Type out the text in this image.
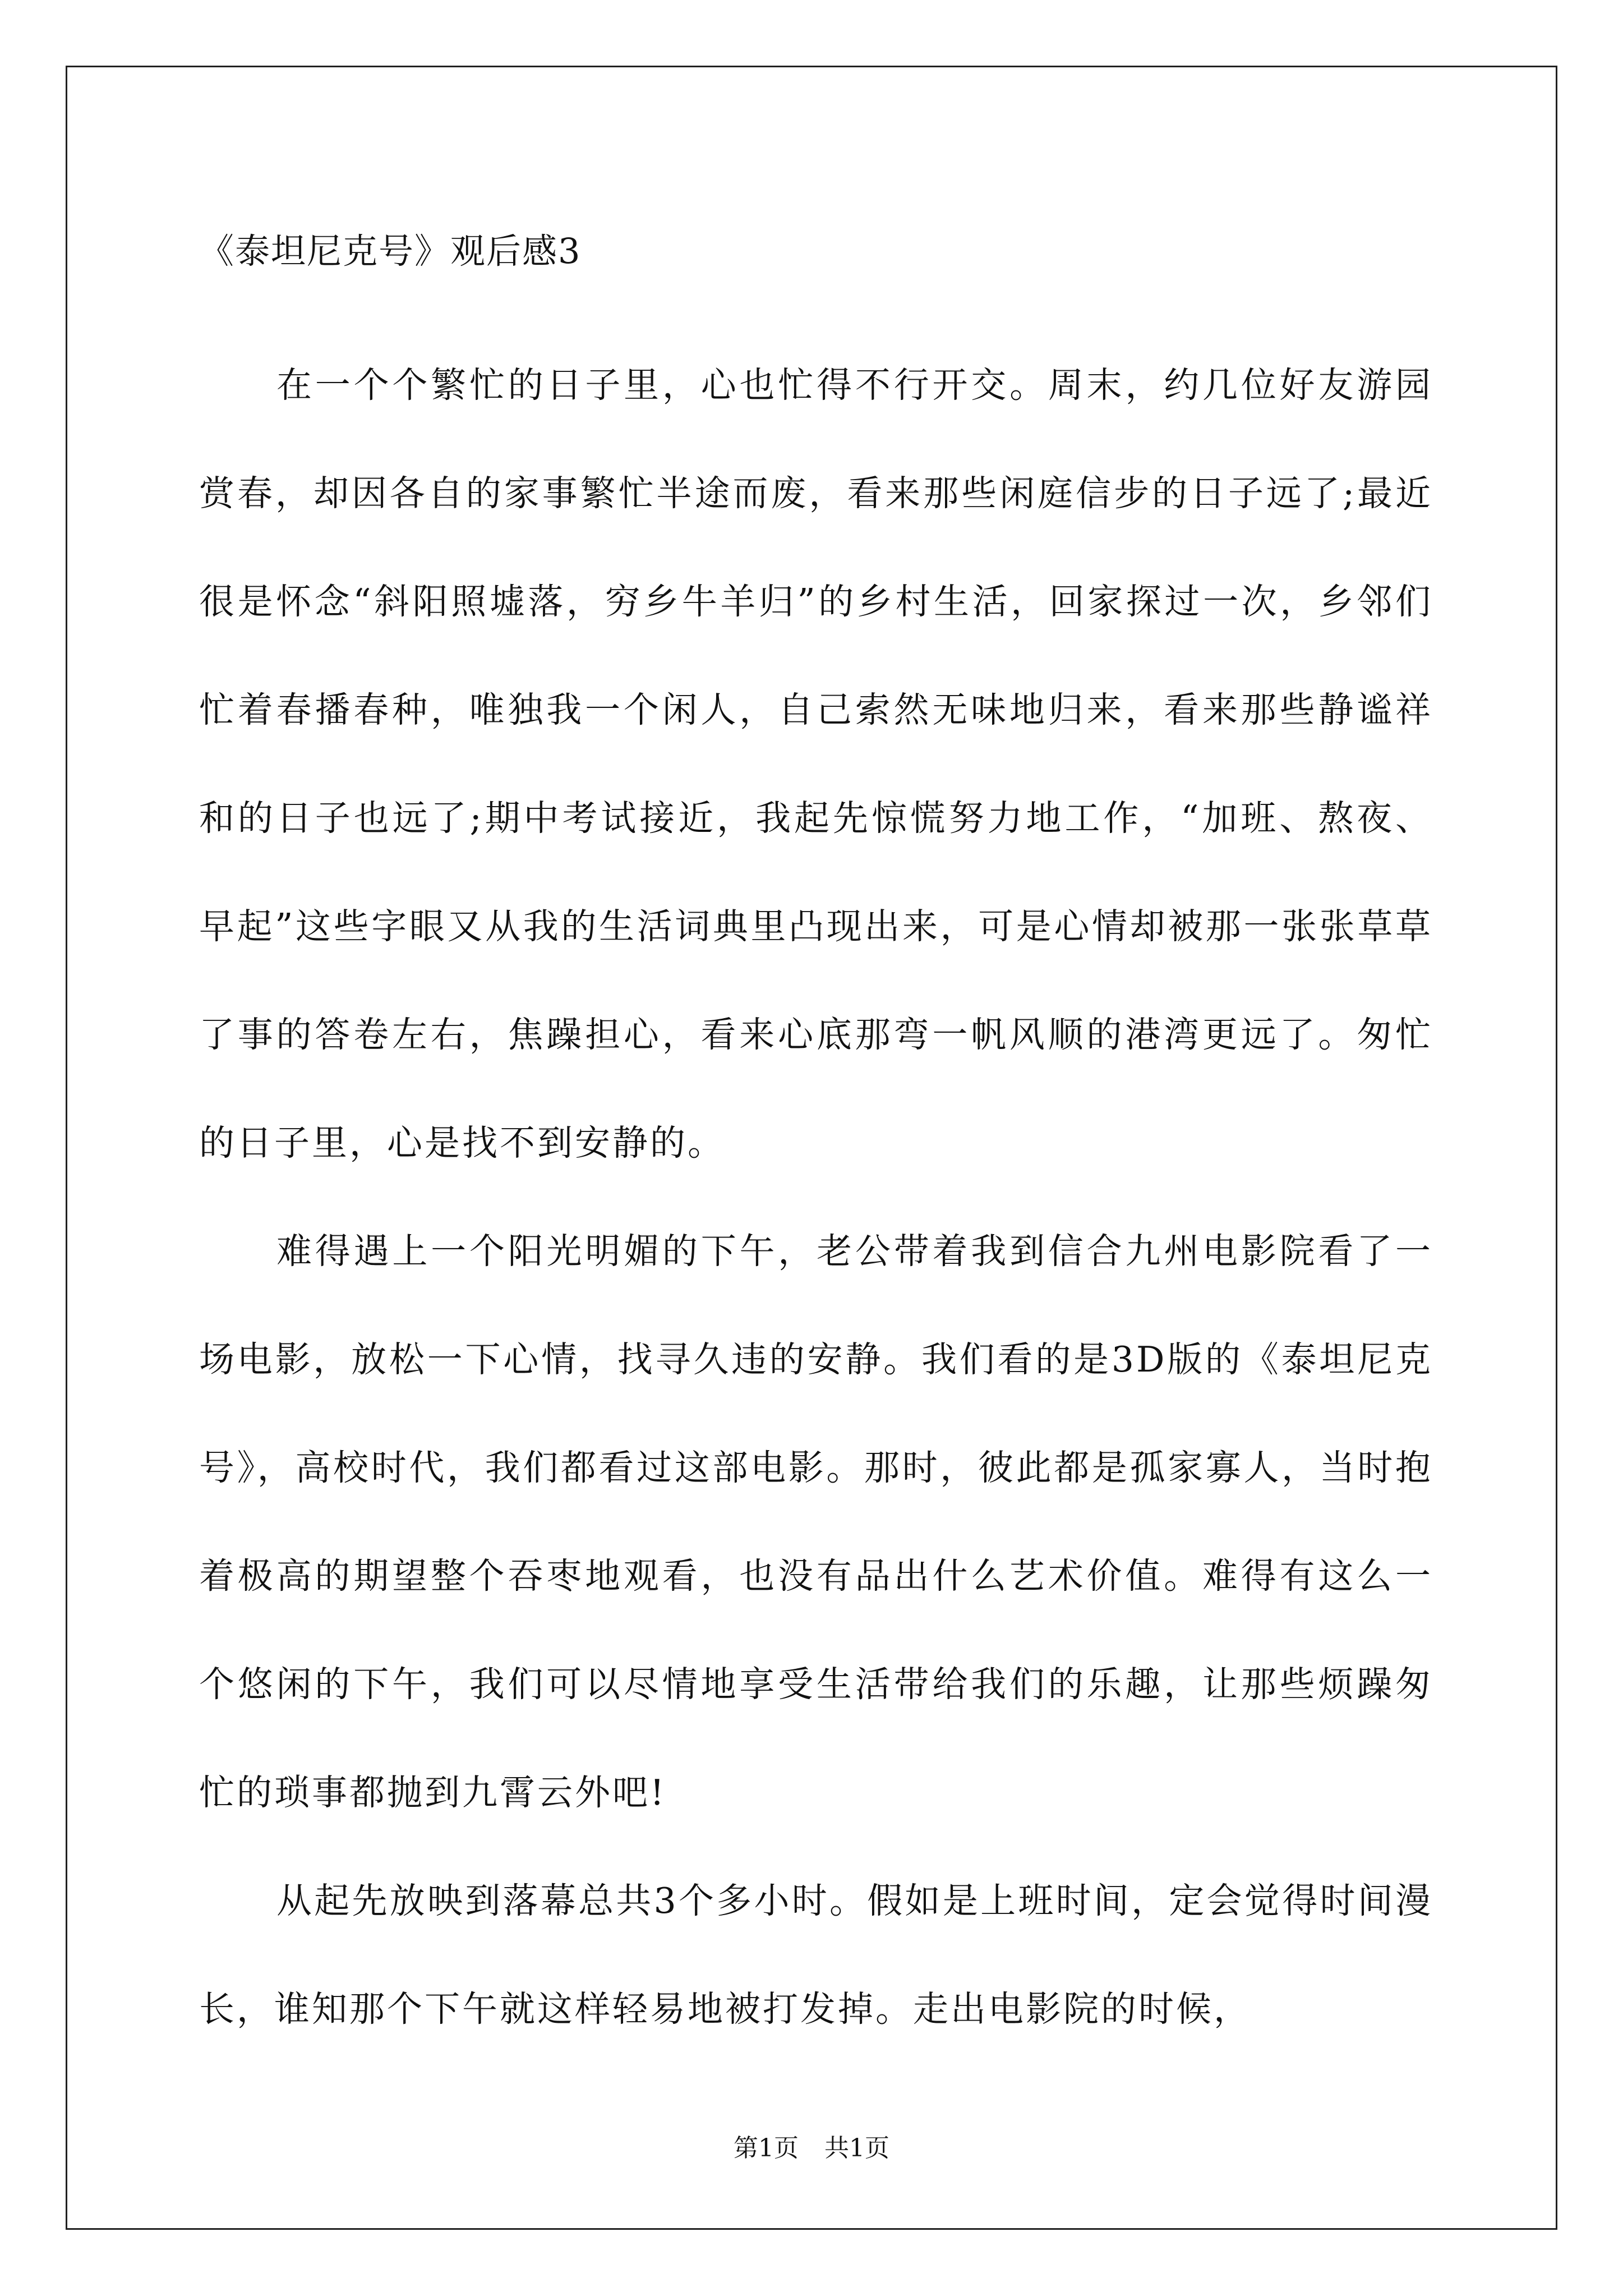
《泰坦尼克号》观后感3

在一个个繁忙的日子里，心也忙得不行开交。周末，约几位好友游园赏春，却因各自的家事繁忙半途而废，看来那些闲庭信步的日子远了;最近很是怀念“斜阳照墟落，穷乡牛羊归”的乡村生活，回家探过一次，乡邻们忙着春播春种，唯独我一个闲人，自己索然无味地归来，看来那些静谧祥和的日子也远了;期中考试接近，我起先惊慌努力地工作，“加班、熬夜、早起”这些字眼又从我的生活词典里凸现出来，可是心情却被那一张张草草了事的答卷左右，焦躁担心，看来心底那弯一帆风顺的港湾更远了。匆忙的日子里，心是找不到安静的。

难得遇上一个阳光明媚的下午，老公带着我到信合九州电影院看了一场电影，放松一下心情，找寻久违的安静。我们看的是3D版的《泰坦尼克号》，高校时代，我们都看过这部电影。那时，彼此都是孤家寡人，当时抱着极高的期望整个吞枣地观看，也没有品出什么艺术价值。难得有这么一个悠闲的下午，我们可以尽情地享受生活带给我们的乐趣，让那些烦躁匆忙的琐事都抛到九霄云外吧!

从起先放映到落幕总共3个多小时。假如是上班时间，定会觉得时间漫长，谁知那个下午就这样轻易地被打发掉。走出电影院的时候，

第1页 共1页
